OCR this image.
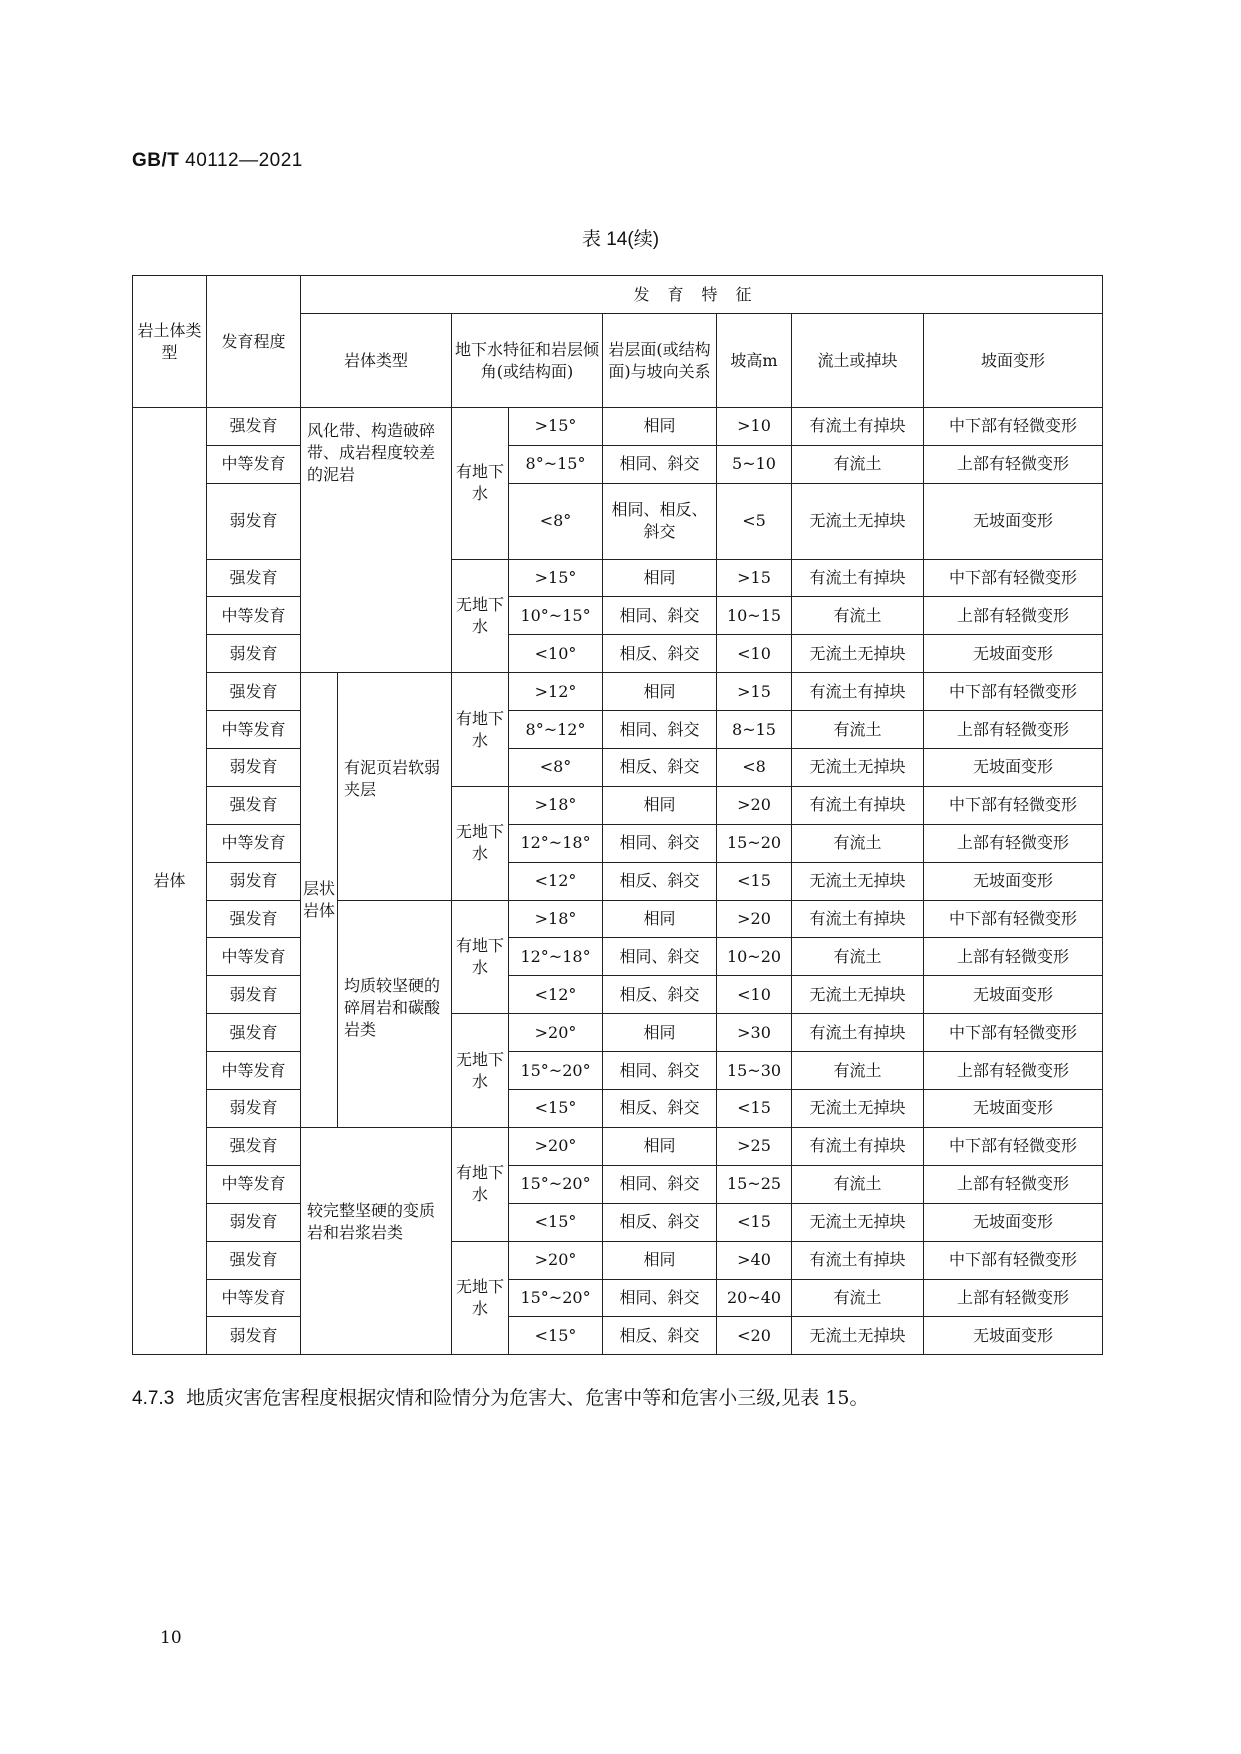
GB/T 40112—2021
表 14(续)
岩土体类型	发育程度	发育特征							
		岩体类型		地下水特征和岩层倾角(或结构面)		岩层面(或结构面)与坡向关系	坡高m	流土或掉块	坡面变形
岩体	强发育	风化带、构造破碎带、成岩程度较差的泥岩		有地下水	>15°	相同	>10	有流土有掉块	中下部有轻微变形
	中等发育				8°~15°	相同、斜交	5~10	有流土	上部有轻微变形
	弱发育				<8°	相同、相反、斜交	<5	无流土无掉块	无坡面变形
	强发育			无地下水	>15°	相同	>15	有流土有掉块	中下部有轻微变形
	中等发育				10°~15°	相同、斜交	10~15	有流土	上部有轻微变形
	弱发育				<10°	相反、斜交	<10	无流土无掉块	无坡面变形
	强发育	层状岩体	有泥页岩软弱夹层	有地下水	>12°	相同	>15	有流土有掉块	中下部有轻微变形
	中等发育				8°~12°	相同、斜交	8~15	有流土	上部有轻微变形
	弱发育				<8°	相反、斜交	<8	无流土无掉块	无坡面变形
	强发育			无地下水	>18°	相同	>20	有流土有掉块	中下部有轻微变形
	中等发育				12°~18°	相同、斜交	15~20	有流土	上部有轻微变形
	弱发育				<12°	相反、斜交	<15	无流土无掉块	无坡面变形
	强发育		均质较坚硬的碎屑岩和碳酸岩类	有地下水	>18°	相同	>20	有流土有掉块	中下部有轻微变形
	中等发育				12°~18°	相同、斜交	10~20	有流土	上部有轻微变形
	弱发育				<12°	相反、斜交	<10	无流土无掉块	无坡面变形
	强发育			无地下水	>20°	相同	>30	有流土有掉块	中下部有轻微变形
	中等发育				15°~20°	相同、斜交	15~30	有流土	上部有轻微变形
	弱发育				<15°	相反、斜交	<15	无流土无掉块	无坡面变形
	强发育	较完整坚硬的变质岩和岩浆岩类		有地下水	>20°	相同	>25	有流土有掉块	中下部有轻微变形
	中等发育				15°~20°	相同、斜交	15~25	有流土	上部有轻微变形
	弱发育				<15°	相反、斜交	<15	无流土无掉块	无坡面变形
	强发育			无地下水	>20°	相同	>40	有流土有掉块	中下部有轻微变形
	中等发育				15°~20°	相同、斜交	20~40	有流土	上部有轻微变形
	弱发育				<15°	相反、斜交	<20	无流土无掉块	无坡面变形
4.7.3 地质灾害危害程度根据灾情和险情分为危害大、危害中等和危害小三级,见表 15。
10
